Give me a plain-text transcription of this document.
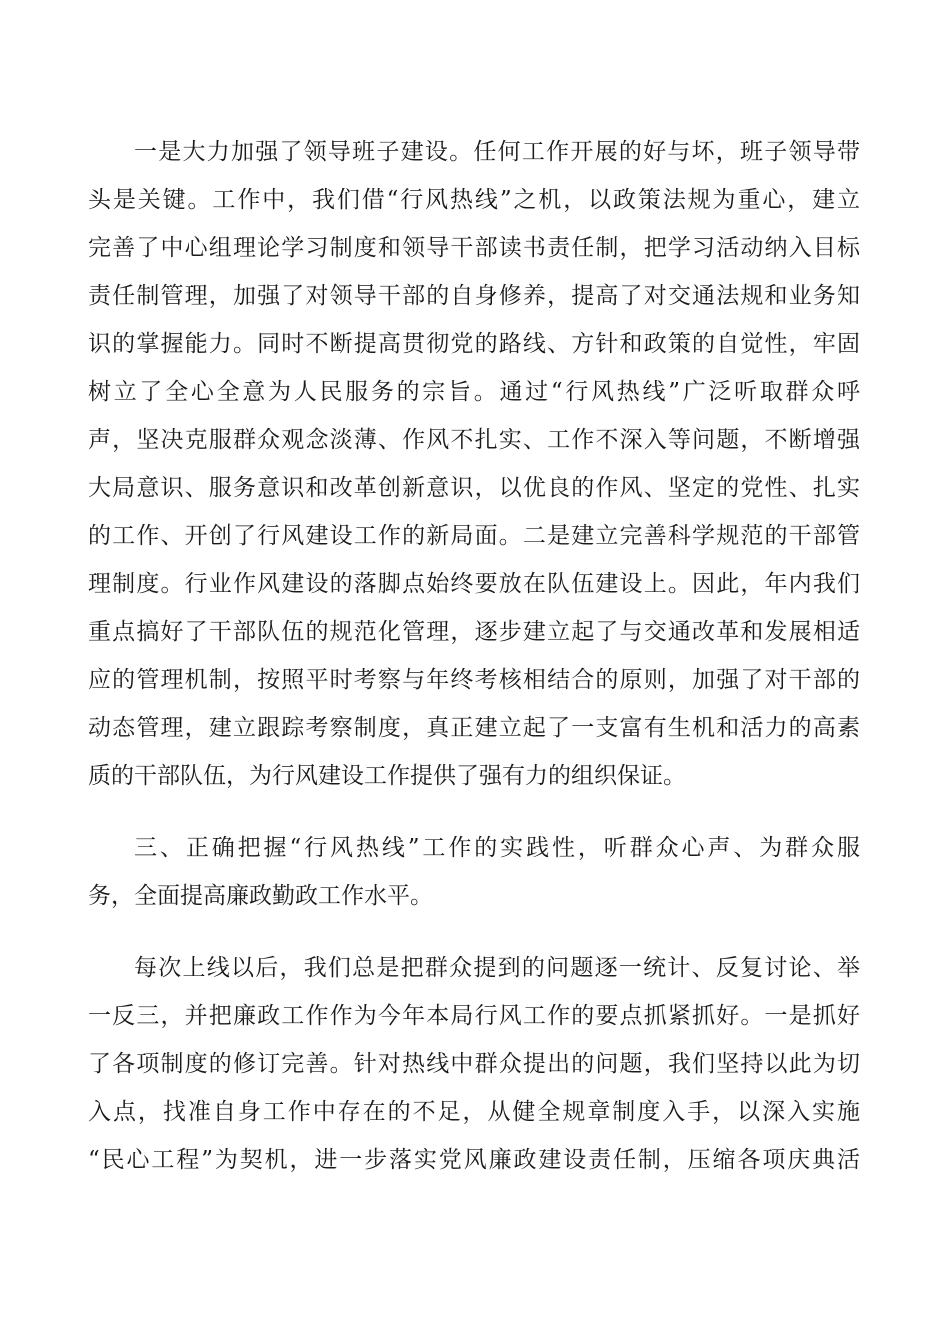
一是大力加强了领导班子建设。任何工作开展的好与坏，班子领导带
头是关键。工作中，我们借“行风热线”之机，以政策法规为重心，建立
完善了中心组理论学习制度和领导干部读书责任制，把学习活动纳入目标
责任制管理，加强了对领导干部的自身修养，提高了对交通法规和业务知
识的掌握能力。同时不断提高贯彻党的路线、方针和政策的自觉性，牢固
树立了全心全意为人民服务的宗旨。通过“行风热线”广泛听取群众呼
声，坚决克服群众观念淡薄、作风不扎实、工作不深入等问题，不断增强
大局意识、服务意识和改革创新意识，以优良的作风、坚定的党性、扎实
的工作、开创了行风建设工作的新局面。二是建立完善科学规范的干部管
理制度。行业作风建设的落脚点始终要放在队伍建设上。因此，年内我们
重点搞好了干部队伍的规范化管理，逐步建立起了与交通改革和发展相适
应的管理机制，按照平时考察与年终考核相结合的原则，加强了对干部的
动态管理，建立跟踪考察制度，真正建立起了一支富有生机和活力的高素
质的干部队伍，为行风建设工作提供了强有力的组织保证。
三、正确把握“行风热线”工作的实践性，听群众心声、为群众服
务，全面提高廉政勤政工作水平。
每次上线以后，我们总是把群众提到的问题逐一统计、反复讨论、举
一反三，并把廉政工作作为今年本局行风工作的要点抓紧抓好。一是抓好
了各项制度的修订完善。针对热线中群众提出的问题，我们坚持以此为切
入点，找准自身工作中存在的不足，从健全规章制度入手，以深入实施
“民心工程”为契机，进一步落实党风廉政建设责任制，压缩各项庆典活
